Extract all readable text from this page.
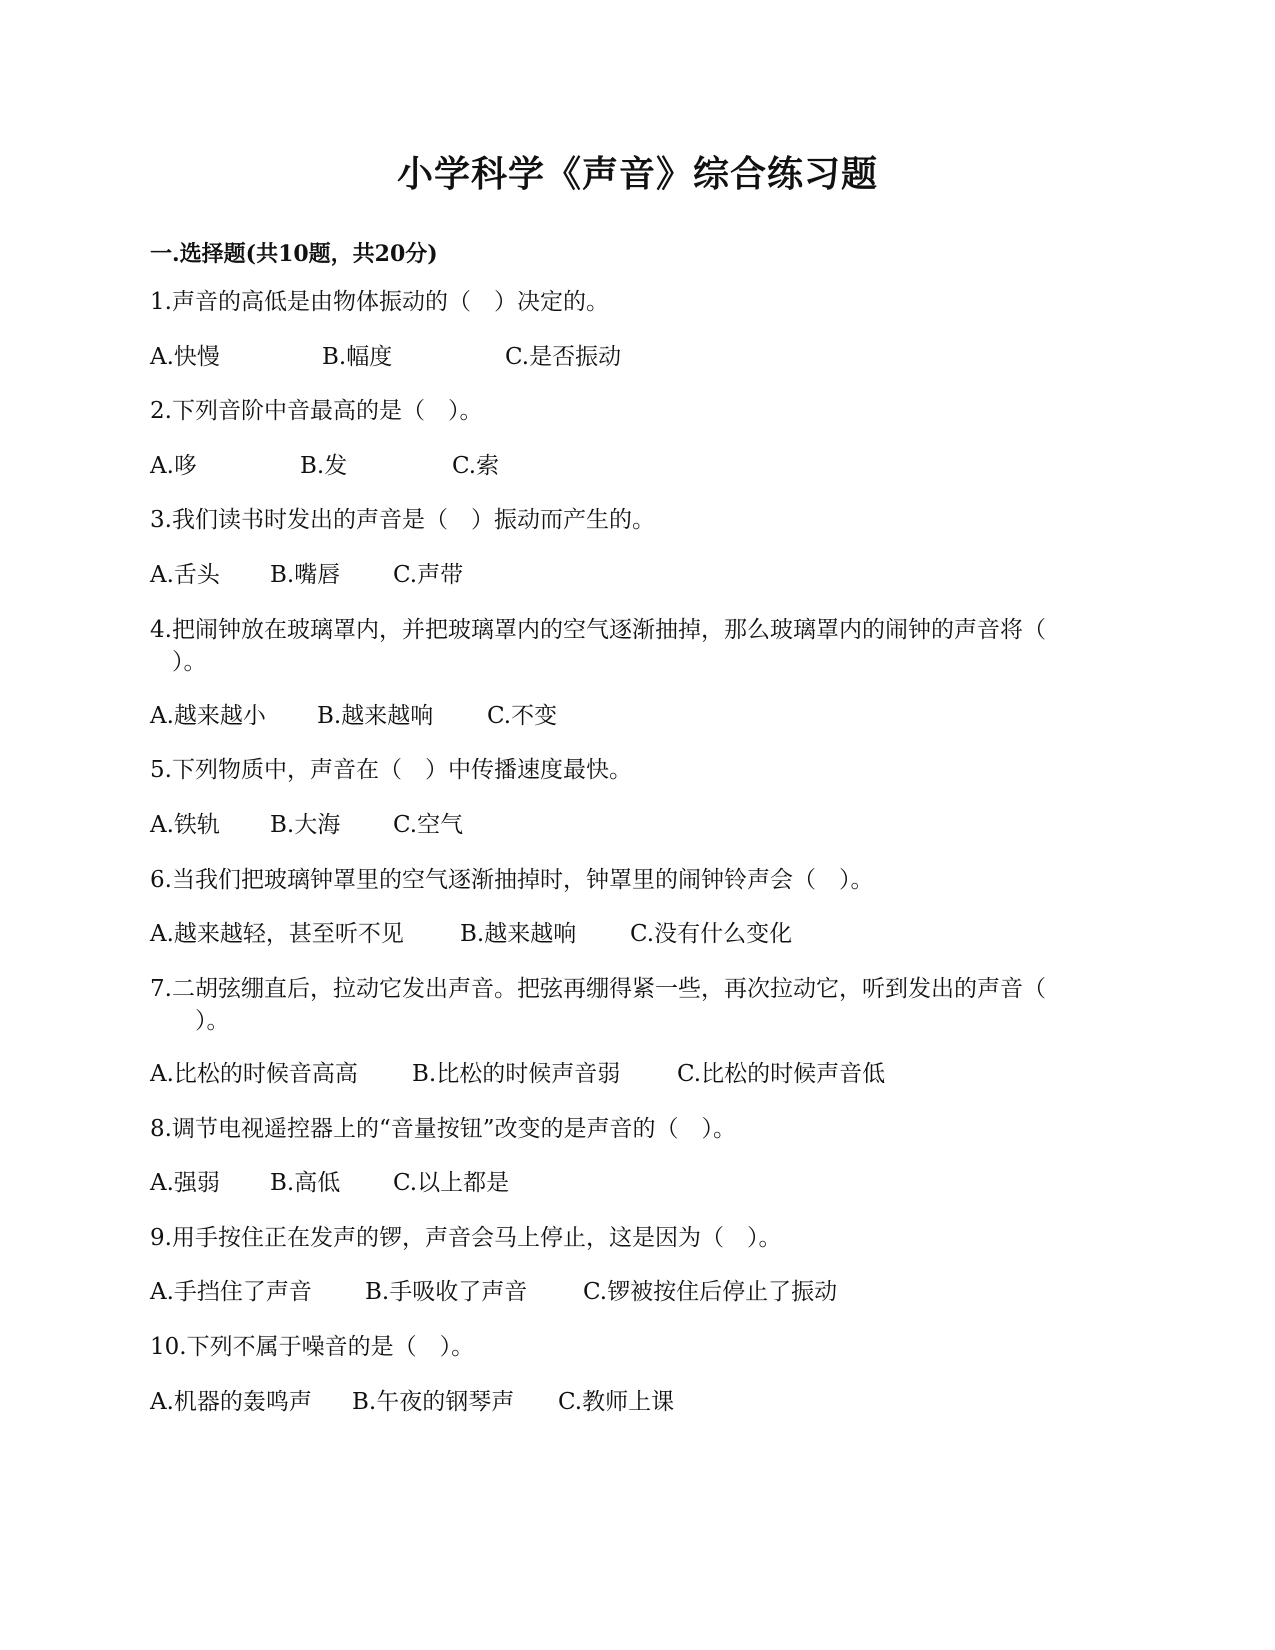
小学科学《声音》综合练习题
一.选择题(共10题，共20分)
1.声音的高低是由物体振动的（　）决定的。
A.快慢	B.幅度	C.是否振动
2.下列音阶中音最高的是（　）。
A.哆	B.发	C.索
3.我们读书时发出的声音是（　）振动而产生的。
A.舌头 B.嘴唇 C.声带
4.把闹钟放在玻璃罩内，并把玻璃罩内的空气逐渐抽掉，那么玻璃罩内的闹钟的声音将（
）。
A.越来越小 B.越来越响 C.不变
5.下列物质中，声音在（　）中传播速度最快。
A.铁轨 B.大海 C.空气
6.当我们把玻璃钟罩里的空气逐渐抽掉时，钟罩里的闹钟铃声会（　）。
A.越来越轻，甚至听不见 B.越来越响 C.没有什么变化
7.二胡弦绷直后，拉动它发出声音。把弦再绷得紧一些，再次拉动它，听到发出的声音（
　）。
A.比松的时候音高高 B.比松的时候声音弱 C.比松的时候声音低
8.调节电视遥控器上的“音量按钮”改变的是声音的（　）。
A.强弱 B.高低 C.以上都是
9.用手按住正在发声的锣，声音会马上停止，这是因为（　）。
A.手挡住了声音 B.手吸收了声音 C.锣被按住后停止了振动
10.下列不属于噪音的是（　）。
A.机器的轰鸣声 B.午夜的钢琴声 C.教师上课
